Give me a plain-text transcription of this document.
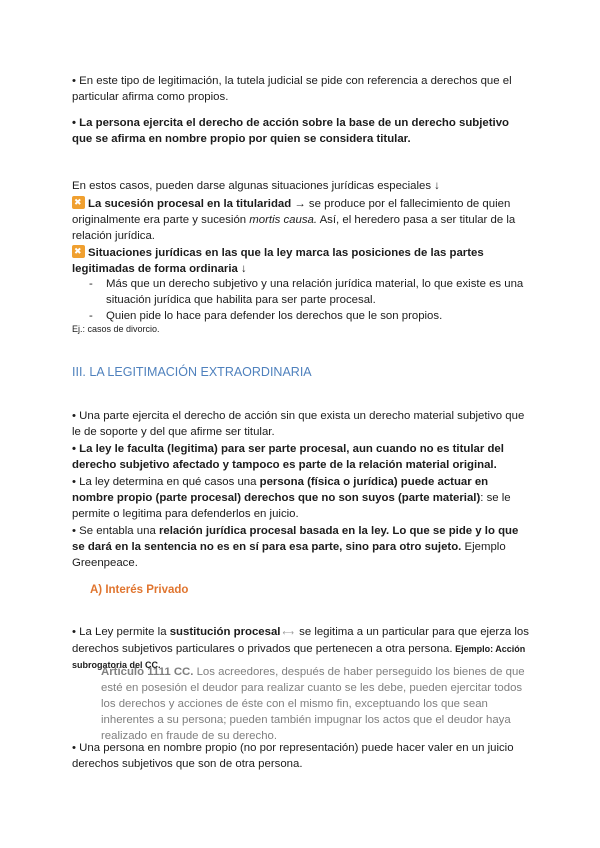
• En este tipo de legitimación, la tutela judicial se pide con referencia a derechos que el particular afirma como propios.
• La persona ejercita el derecho de acción sobre la base de un derecho subjetivo que se afirma en nombre propio por quien se considera titular.
En estos casos, pueden darse algunas situaciones jurídicas especiales ↓
✖La sucesión procesal en la titularidad → se produce por el fallecimiento de quien originalmente era parte y sucesión mortis causa. Así, el heredero pasa a ser titular de la relación jurídica.
✖Situaciones jurídicas en las que la ley marca las posiciones de las partes legitimadas de forma ordinaria ↓
- Más que un derecho subjetivo y una relación jurídica material, lo que existe es una situación jurídica que habilita para ser parte procesal.
- Quien pide lo hace para defender los derechos que le son propios.
Ej.: casos de divorcio.
III. LA LEGITIMACIÓN EXTRAORDINARIA
• Una parte ejercita el derecho de acción sin que exista un derecho material subjetivo que le de soporte y del que afirme ser titular.
• La ley le faculta (legitima) para ser parte procesal, aun cuando no es titular del derecho subjetivo afectado y tampoco es parte de la relación material original.
• La ley determina en qué casos una persona (física o jurídica) puede actuar en nombre propio (parte procesal) derechos que no son suyos (parte material): se le permite o legitima para defenderlos en juicio.
• Se entabla una relación jurídica procesal basada en la ley. Lo que se pide y lo que se dará en la sentencia no es en sí para esa parte, sino para otro sujeto. Ejemplo Greenpeace.
A) Interés Privado
• La Ley permite la sustitución procesal ⟷ se legitima a un particular para que ejerza los derechos subjetivos particulares o privados que pertenecen a otra persona. Ejemplo: Acción subrogatoria del CC.
Artículo 1111 CC. Los acreedores, después de haber perseguido los bienes de que esté en posesión el deudor para realizar cuanto se les debe, pueden ejercitar todos los derechos y acciones de éste con el mismo fin, exceptuando los que sean inherentes a su persona; pueden también impugnar los actos que el deudor haya realizado en fraude de su derecho.
• Una persona en nombre propio (no por representación) puede hacer valer en un juicio derechos subjetivos que son de otra persona.
